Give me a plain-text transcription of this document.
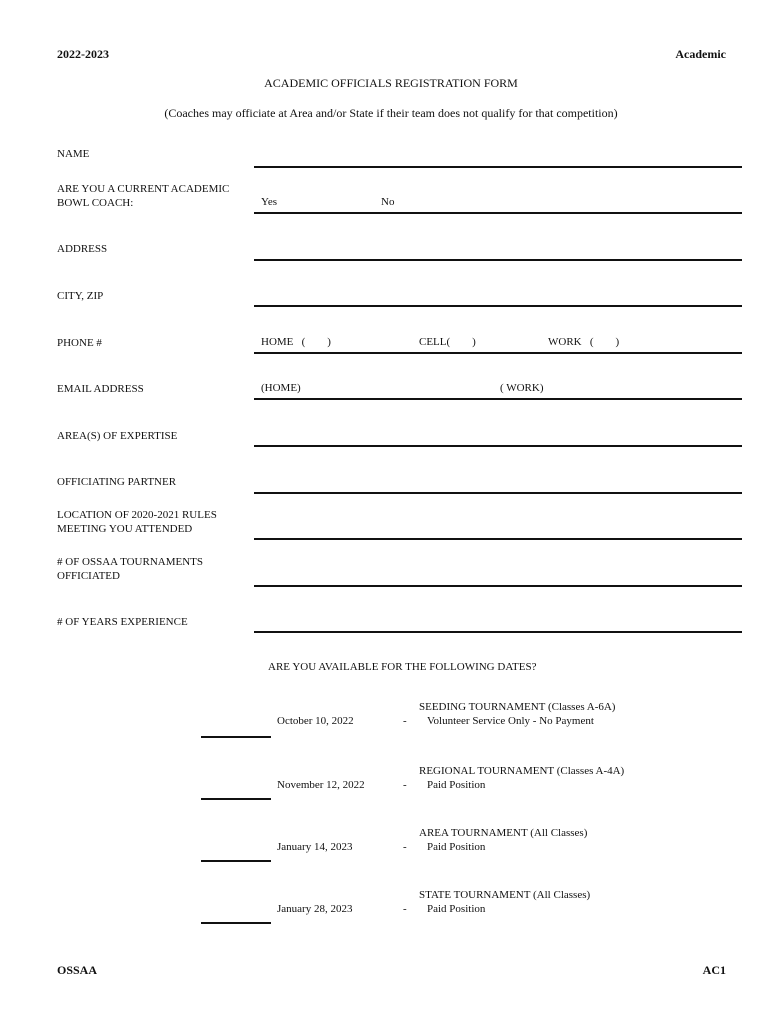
2022-2023	Academic
ACADEMIC OFFICIALS REGISTRATION FORM
(Coaches may officiate at Area and/or State if their team does not qualify for that competition)
NAME
ARE YOU A CURRENT ACADEMIC
BOWL COACH:	Yes	No
ADDRESS
CITY, ZIP
PHONE #	HOME   (        )	CELL(        )	WORK   (        )
EMAIL ADDRESS	(HOME)	( WORK)
AREA(S) OF EXPERTISE
OFFICIATING PARTNER
LOCATION OF 2020-2021 RULES
MEETING YOU ATTENDED
# OF OSSAA TOURNAMENTS
OFFICIATED
# OF YEARS EXPERIENCE
ARE YOU AVAILABLE FOR THE FOLLOWING DATES?
October 10, 2022	-
SEEDING TOURNAMENT (Classes A-6A)
Volunteer Service Only - No Payment
November 12, 2022	-
REGIONAL TOURNAMENT (Classes A-4A)
Paid Position
January 14, 2023	-
AREA TOURNAMENT (All Classes)
Paid Position
January 28, 2023	-
STATE TOURNAMENT (All Classes)
Paid Position
OSSAA	AC1
